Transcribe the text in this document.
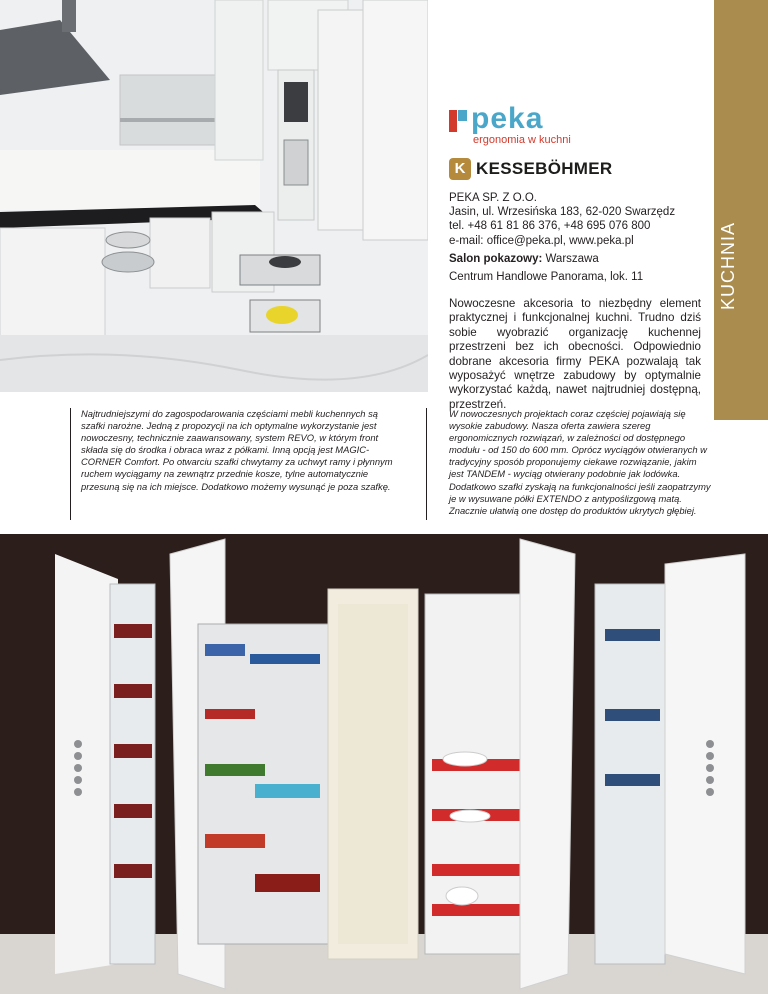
peka
ergonomia w kuchni
K KESSEBÖHMER
PEKA SP. Z O.O.
Jasin, ul. Wrzesińska 183, 62-020 Swarzędz
tel. +48 61 81 86 376, +48 695 076 800
e-mail: office@peka.pl, www.peka.pl
Salon pokazowy: Warszawa
Centrum Handlowe Panorama, lok. 11	KUCHNIA
Nowoczesne akcesoria to niezbędny element praktycznej i funkcjonalnej kuchni. Trudno dziś sobie wyobrazić organizację kuchennej przestrzeni bez ich obecności. Odpowiednio dobrane akcesoria firmy PEKA pozwalają tak wyposażyć wnętrze zabudowy by optymalnie wykorzystać każdą, nawet najtrudniej dostępną, przestrzeń.
Najtrudniejszymi do zagospodarowania częściami mebli kuchennych są szafki narożne. Jedną z propozycji na ich optymalne wykorzystanie jest nowoczesny, technicznie zaawansowany, system REVO, w którym front składa się do środka i obraca wraz z półkami. Inną opcją jest MAGIC-CORNER Comfort. Po otwarciu szafki chwytamy za uchwyt ramy i płynnym ruchem wyciągamy na zewnątrz przednie kosze, tylne automatycznie przesuną się na ich miejsce. Dodatkowo możemy wysunąć je poza szafkę.
W nowoczesnych projektach coraz częściej pojawiają się wysokie zabudowy. Nasza oferta zawiera szereg ergonomicznych rozwiązań, w zależności od dostępnego modułu - od 150 do 600 mm. Oprócz wyciągów otwieranych w tradycyjny sposób proponujemy ciekawe rozwiązanie, jakim jest TANDEM - wyciąg otwierany podobnie jak lodówka. Dodatkowo szafki zyskają na funkcjonalności jeśli zaopatrzymy je w wysuwane półki EXTENDO z antypoślizgową matą. Znacznie ułatwią one dostęp do produktów ukrytych głębiej.
